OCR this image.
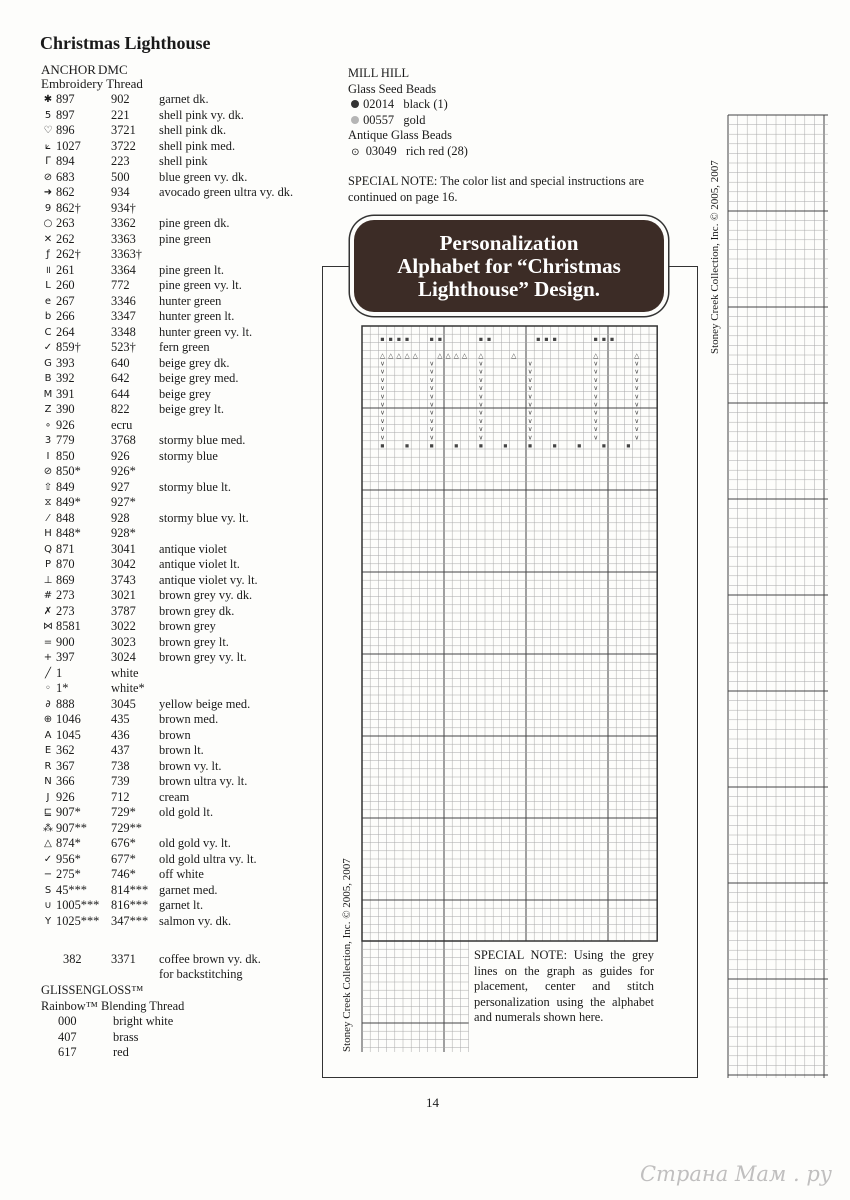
Christmas Lighthouse
ANCHOR DMC
Embroidery Thread
✱ 897	902 garnet dk.
5 897	221 shell pink vy. dk.
♡ 896	3721 shell pink dk.
⟀ 1027 3722 shell pink med.
ᒥ 894	223 shell pink
⊘ 683	500 blue green vy. dk.
➜ 862	934 avocado green ultra vy. dk.
9 862† 934†
○ 263	3362 pine green dk.
✕ 262	3363 pine green
ƒ 262† 3363†
॥ 261	3364 pine green lt.
L 260	772 pine green vy. lt.
e 267	3346 hunter green
b 266	3347 hunter green lt.
C 264	3348 hunter green vy. lt.
✓ 859† 523† fern green
G 393	640 beige grey dk.
B 392	642 beige grey med.
M 391	644 beige grey
Z 390	822 beige grey lt.
∘ 926	ecru
3 779	3768 stormy blue med.
I 850	926 stormy blue
⊘ 850* 926*
⇧ 849	927 stormy blue lt.
⧖ 849* 927*
⁄ 848	928 stormy blue vy. lt.
H 848* 928*
Q 871	3041 antique violet
P 870	3042 antique violet lt.
⊥ 869	3743 antique violet vy. lt.
# 273	3021 brown grey vy. dk.
✗ 273	3787 brown grey dk.
⋈ 8581 3022 brown grey
= 900	3023 brown grey lt.
+ 397	3024 brown grey vy. lt.
╱ 1	white
◦ 1*	white*
∂ 888	3045 yellow beige med.
⊕ 1046 435 brown med.
A 1045 436 brown
E 362	437 brown lt.
R 367	738 brown vy. lt.
N 366	739 brown ultra vy. lt.
J 926	712 cream
⊑ 907* 729* old gold lt.
⁂ 907** 729**
△ 874* 676* old gold vy. lt.
✓ 956* 677* old gold ultra vy. lt.
− 275* 746* off white
S 45*** 814*** garnet med.
∪ 1005*** 816*** garnet lt.
Y 1025*** 347*** salmon vy. dk.
382 3371 coffee brown vy. dk.
for backstitching
GLISSENGLOSS™
Rainbow™ Blending Thread
000	bright white
407	brass
617	red
MILL HILL
Glass Seed Beads
02014 black (1)
00557 gold
Antique Glass Beads
⊙ 03049 rich red (28)
SPECIAL NOTE: The color list and special instructions are continued on page 16.
▪ ▪ ▪ ▪	▪ ▪	▪ ▪	▪ ▪ ▪	▪ ▪ ▪
△ △ △ △ △	△ △ △ △ △	△	△	△
∨	∨	∨	∨	∨	∨
∨	∨	∨	∨	∨	∨
∨	∨	∨	∨	∨	∨
∨	∨	∨	∨	∨	∨
∨	∨	∨	∨	∨	∨
∨	∨	∨	∨	∨	∨
∨	∨	∨	∨	∨	∨
∨	∨	∨	∨	∨	∨
∨	∨	∨	∨	∨	∨
∨	∨	∨	∨	∨	∨
▪	▪	▪	▪	▪	▪	▪	▪	▪	▪	▪
Personalization
Alphabet for “Christmas
Lighthouse” Design.
Stoney Creek Collection, Inc. © 2005, 2007
Stoney Creek Collection, Inc. © 2005, 2007
SPECIAL NOTE: Using the grey lines on the graph as guides for placement, center and stitch personalization using the alphabet and numerals shown here.
14
Страна Мам . ру
